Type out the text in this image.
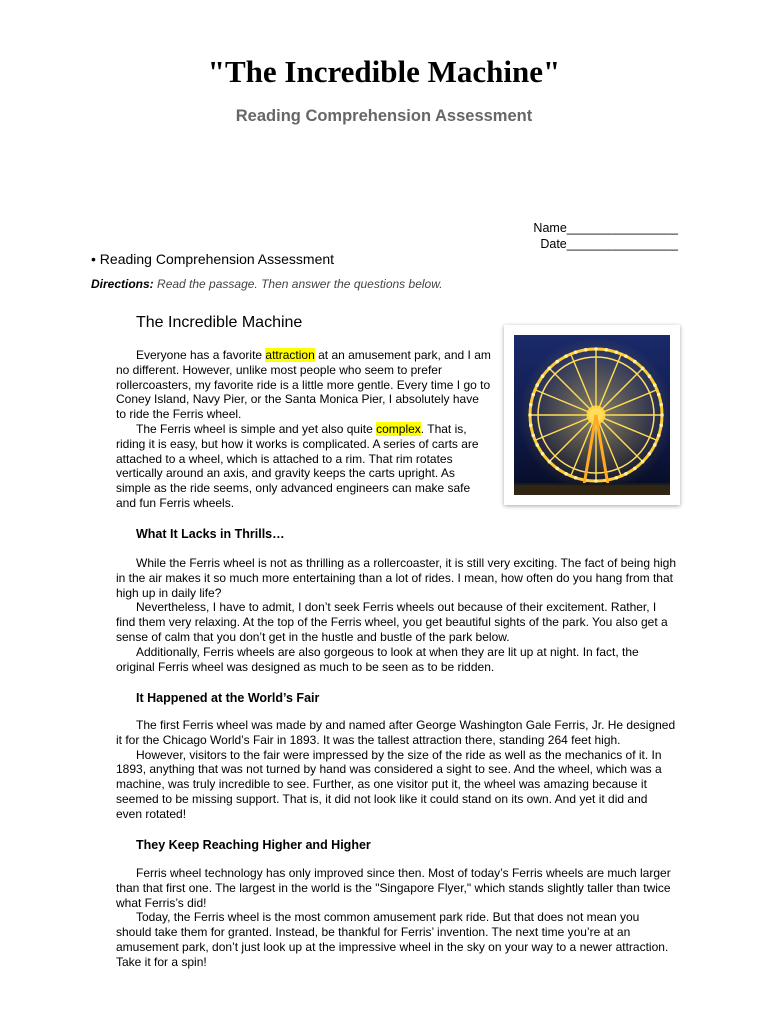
"The Incredible Machine"
Reading Comprehension Assessment
Name________________
Date________________
• Reading Comprehension Assessment
Directions: Read the passage. Then answer the questions below.
The Incredible Machine

Everyone has a favorite attraction at an amusement park, and I am no different. However, unlike most people who seem to prefer rollercoasters, my favorite ride is a little more gentle. Every time I go to Coney Island, Navy Pier, or the Santa Monica Pier, I absolutely have to ride the Ferris wheel.

The Ferris wheel is simple and yet also quite complex. That is, riding it is easy, but how it works is complicated. A series of carts are attached to a wheel, which is attached to a rim. That rim rotates vertically around an axis, and gravity keeps the carts upright. As simple as the ride seems, only advanced engineers can make safe and fun Ferris wheels.

What It Lacks in Thrills…

While the Ferris wheel is not as thrilling as a rollercoaster, it is still very exciting. The fact of being high in the air makes it so much more entertaining than a lot of rides. I mean, how often do you hang from that high up in daily life?

Nevertheless, I have to admit, I don’t seek Ferris wheels out because of their excitement. Rather, I find them very relaxing. At the top of the Ferris wheel, you get beautiful sights of the park. You also get a sense of calm that you don’t get in the hustle and bustle of the park below.

Additionally, Ferris wheels are also gorgeous to look at when they are lit up at night. In fact, the original Ferris wheel was designed as much to be seen as to be ridden.

It Happened at the World’s Fair

The first Ferris wheel was made by and named after George Washington Gale Ferris, Jr. He designed it for the Chicago World’s Fair in 1893. It was the tallest attraction there, standing 264 feet high.

However, visitors to the fair were impressed by the size of the ride as well as the mechanics of it. In 1893, anything that was not turned by hand was considered a sight to see. And the wheel, which was a machine, was truly incredible to see. Further, as one visitor put it, the wheel was amazing because it seemed to be missing support. That is, it did not look like it could stand on its own. And yet it did and even rotated!

They Keep Reaching Higher and Higher

Ferris wheel technology has only improved since then. Most of today’s Ferris wheels are much larger than that first one. The largest in the world is the "Singapore Flyer," which stands slightly taller than twice what Ferris’s did!

Today, the Ferris wheel is the most common amusement park ride. But that does not mean you should take them for granted. Instead, be thankful for Ferris’ invention. The next time you’re at an amusement park, don’t just look up at the impressive wheel in the sky on your way to a newer attraction. Take it for a spin!
